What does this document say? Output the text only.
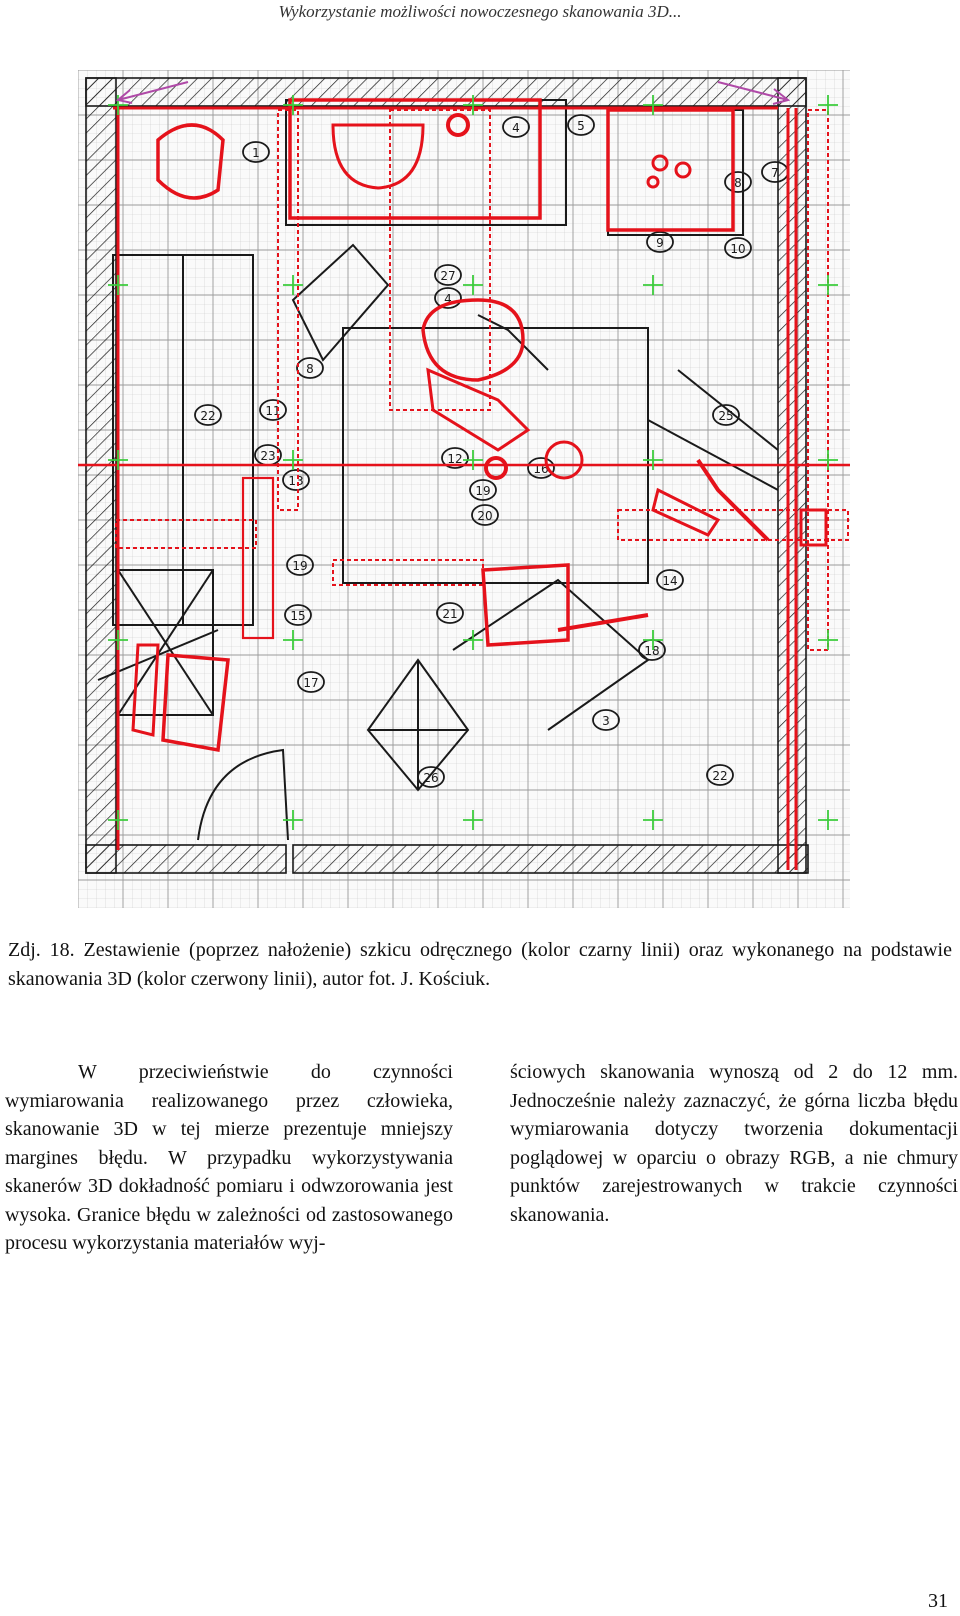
Wykorzystanie możliwości nowoczesnego skanowania 3D...
5
4
1
7
8
9	10
27
4
8
11
22
23
13
12
16
19
20
19
15	21
25
14
18
3
26
17
22
Zdj. 18. Zestawienie (poprzez nałożenie) szkicu odręcznego (kolor czarny linii) oraz wykonanego na podstawie skanowania 3D (kolor czerwony linii), autor fot. J. Kościuk.

W przeciwieństwie do czynności wymiarowania realizowanego przez człowieka, skanowanie 3D w tej mierze prezentuje mniejszy margines błędu. W przypadku wykorzystywania skanerów 3D dokładność pomiaru i odwzorowania jest wysoka. Granice błędu w zależności od zastosowanego procesu wykorzystania materiałów wyj-

ściowych skanowania wynoszą od 2 do 12 mm. Jednocześnie należy zaznaczyć, że górna liczba błędu wymiarowania dotyczy tworzenia dokumentacji poglądowej w oparciu o obrazy RGB, a nie chmury punktów zarejestrowanych w trakcie czynności skanowania.

31
